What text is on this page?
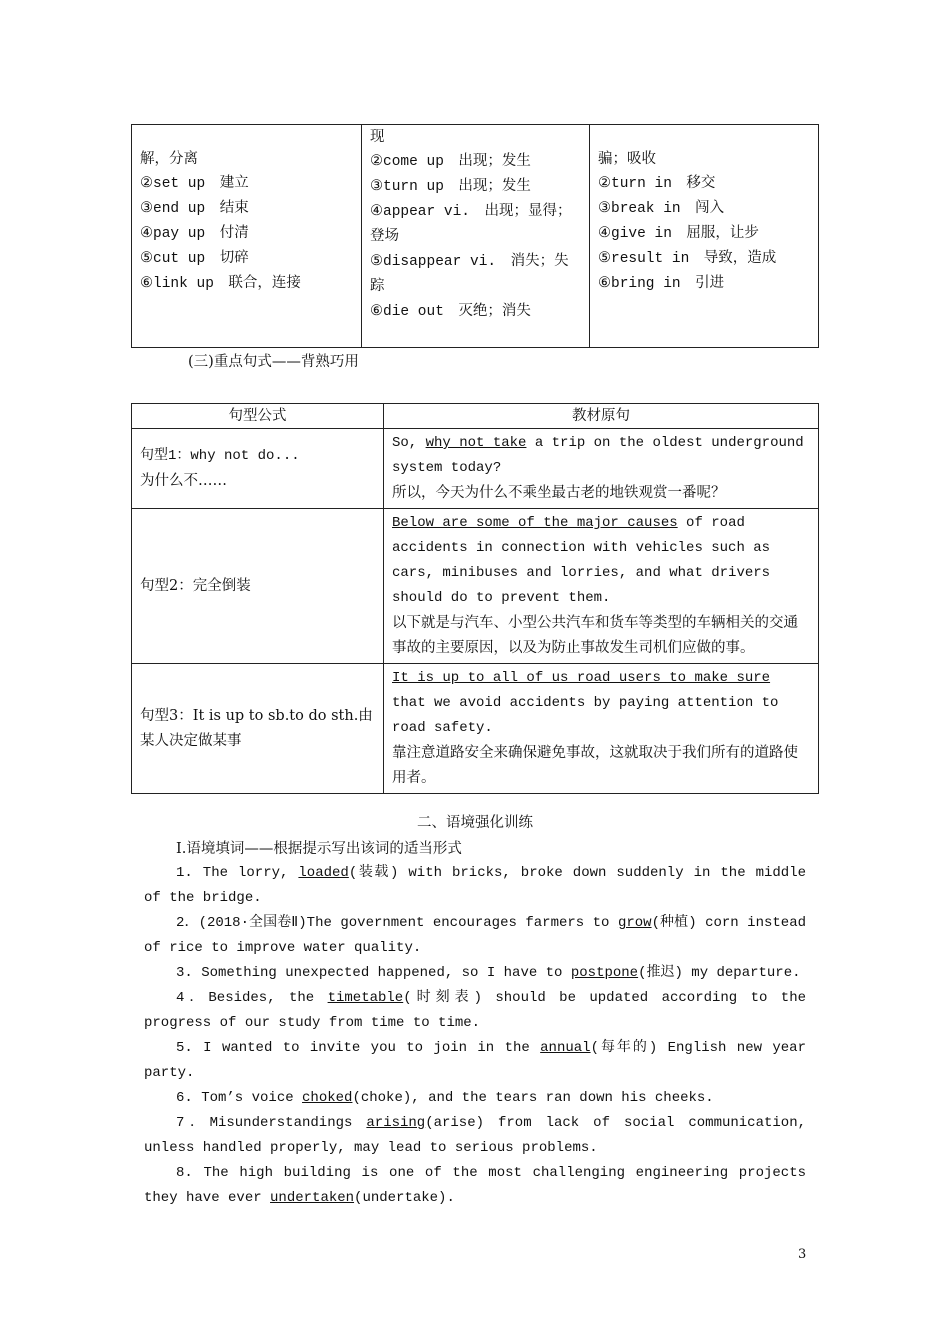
解，分离
②set up　建立
③end up　结束
④pay up　付清
⑤cut up　切碎
⑥link up　联合，连接

现
②come up　出现；发生
③turn up　出现；发生
④appear vi.　出现；显得；登场
⑤disappear vi.　消失；失踪
⑥die out　灭绝；消失

骗；吸收
②turn in　移交
③break in　闯入
④give in　屈服，让步
⑤result in　导致，造成
⑥bring in　引进
(三)重点句式——背熟巧用
句型公式	教材原句

句型1：why not do...
为什么不……	So, why not take a trip on the oldest underground system today?
所以，今天为什么不乘坐最古老的地铁观赏一番呢？

句型2：完全倒装	Below are some of the major causes of road accidents in connection with vehicles such as cars, minibuses and lorries, and what drivers should do to prevent them.
以下就是与汽车、小型公共汽车和货车等类型的车辆相关的交通事故的主要原因，以及为防止事故发生司机们应做的事。

句型3：It is up to sb.to do sth.由某人决定做某事	It is up to all of us road users to make sure that we avoid accidents by paying attention to road safety.
靠注意道路安全来确保避免事故，这就取决于我们所有的道路使用者。
二、语境强化训练
Ⅰ.语境填词——根据提示写出该词的适当形式

1. The lorry, loaded(装载) with bricks, broke down suddenly in the middle of the bridge.

2．(2018·全国卷Ⅱ)The government encourages farmers to grow(种植) corn instead of rice to improve water quality.

3. Something unexpected happened, so I have to postpone(推迟) my departure.

4．Besides, the timetable(时刻表) should be updated according to the progress of our study from time to time.

5. I wanted to invite you to join in the annual(每年的) English new year party.

6. Tom’s voice choked(choke), and the tears ran down his cheeks.

7．Misunderstandings arising(arise) from lack of social communication, unless handled properly, may lead to serious problems.

8. The high building is one of the most challenging engineering projects they have ever undertaken(undertake).

3
